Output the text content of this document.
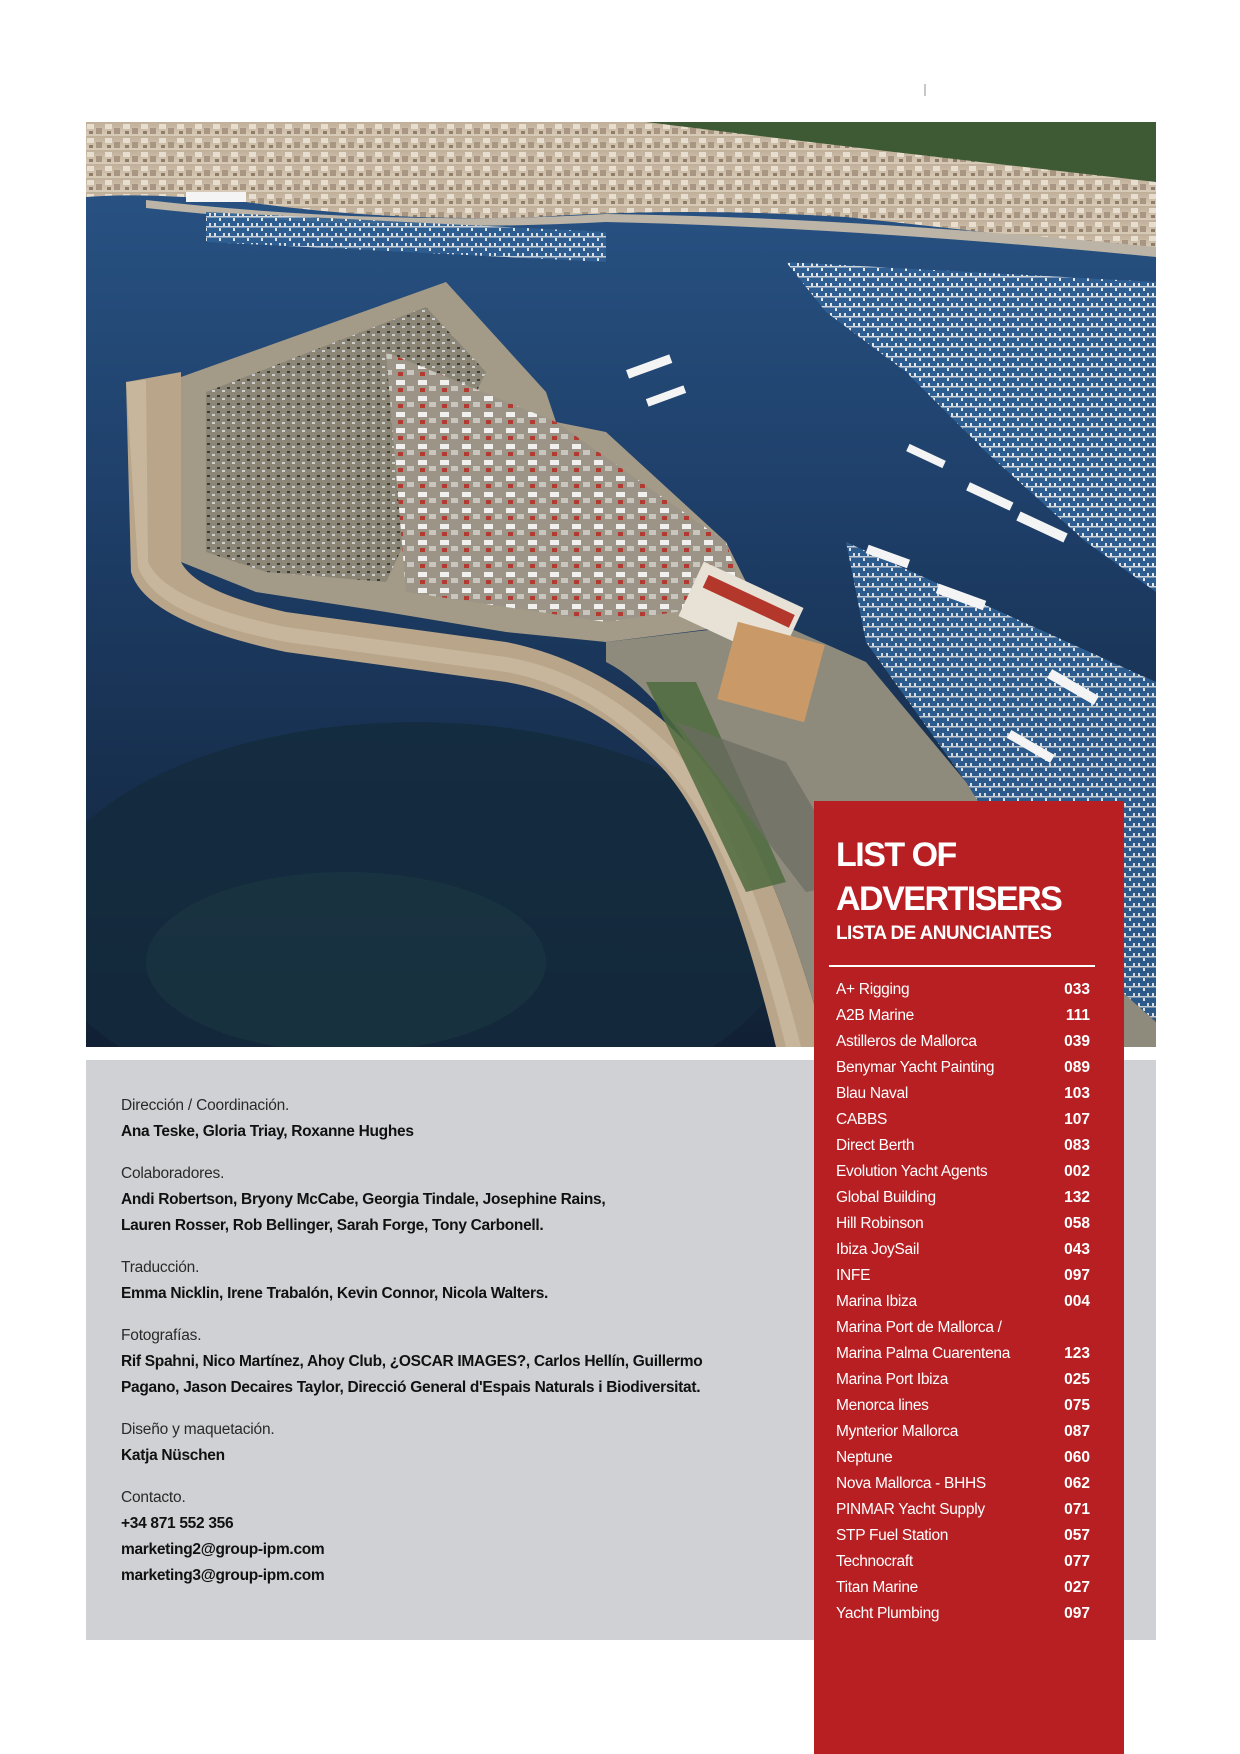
Dirección / Coordinación.
Ana Teske, Gloria Triay, Roxanne Hughes
Colaboradores.
Andi Robertson, Bryony McCabe, Georgia Tindale, Josephine Rains,
Lauren Rosser, Rob Bellinger, Sarah Forge, Tony Carbonell.
Traducción.
Emma Nicklin, Irene Trabalón, Kevin Connor, Nicola Walters.
Fotografías.
Rif Spahni, Nico Martínez, Ahoy Club, ¿OSCAR IMAGES?, Carlos Hellín, Guillermo
Pagano, Jason Decaires Taylor, Direcció General d'Espais Naturals i Biodiversitat.
Diseño y maquetación.
Katja Nüschen
Contacto.
+34 871 552 356
marketing2@group-ipm.com
marketing3@group-ipm.com
LIST OF
ADVERTISERS
LISTA DE ANUNCIANTES
A+ Rigging	033
A2B Marine	111
Astilleros de Mallorca	039
Benymar Yacht Painting	089
Blau Naval	103
CABBS	107
Direct Berth	083
Evolution Yacht Agents	002
Global Building	132
Hill Robinson	058
Ibiza JoySail	043
INFE	097
Marina Ibiza	004
Marina Port de Mallorca /
Marina Palma Cuarentena	123
Marina Port Ibiza	025
Menorca lines	075
Mynterior Mallorca	087
Neptune	060
Nova Mallorca - BHHS	062
PINMAR Yacht Supply	071
STP Fuel Station	057
Technocraft	077
Titan Marine	027
Yacht Plumbing	097
